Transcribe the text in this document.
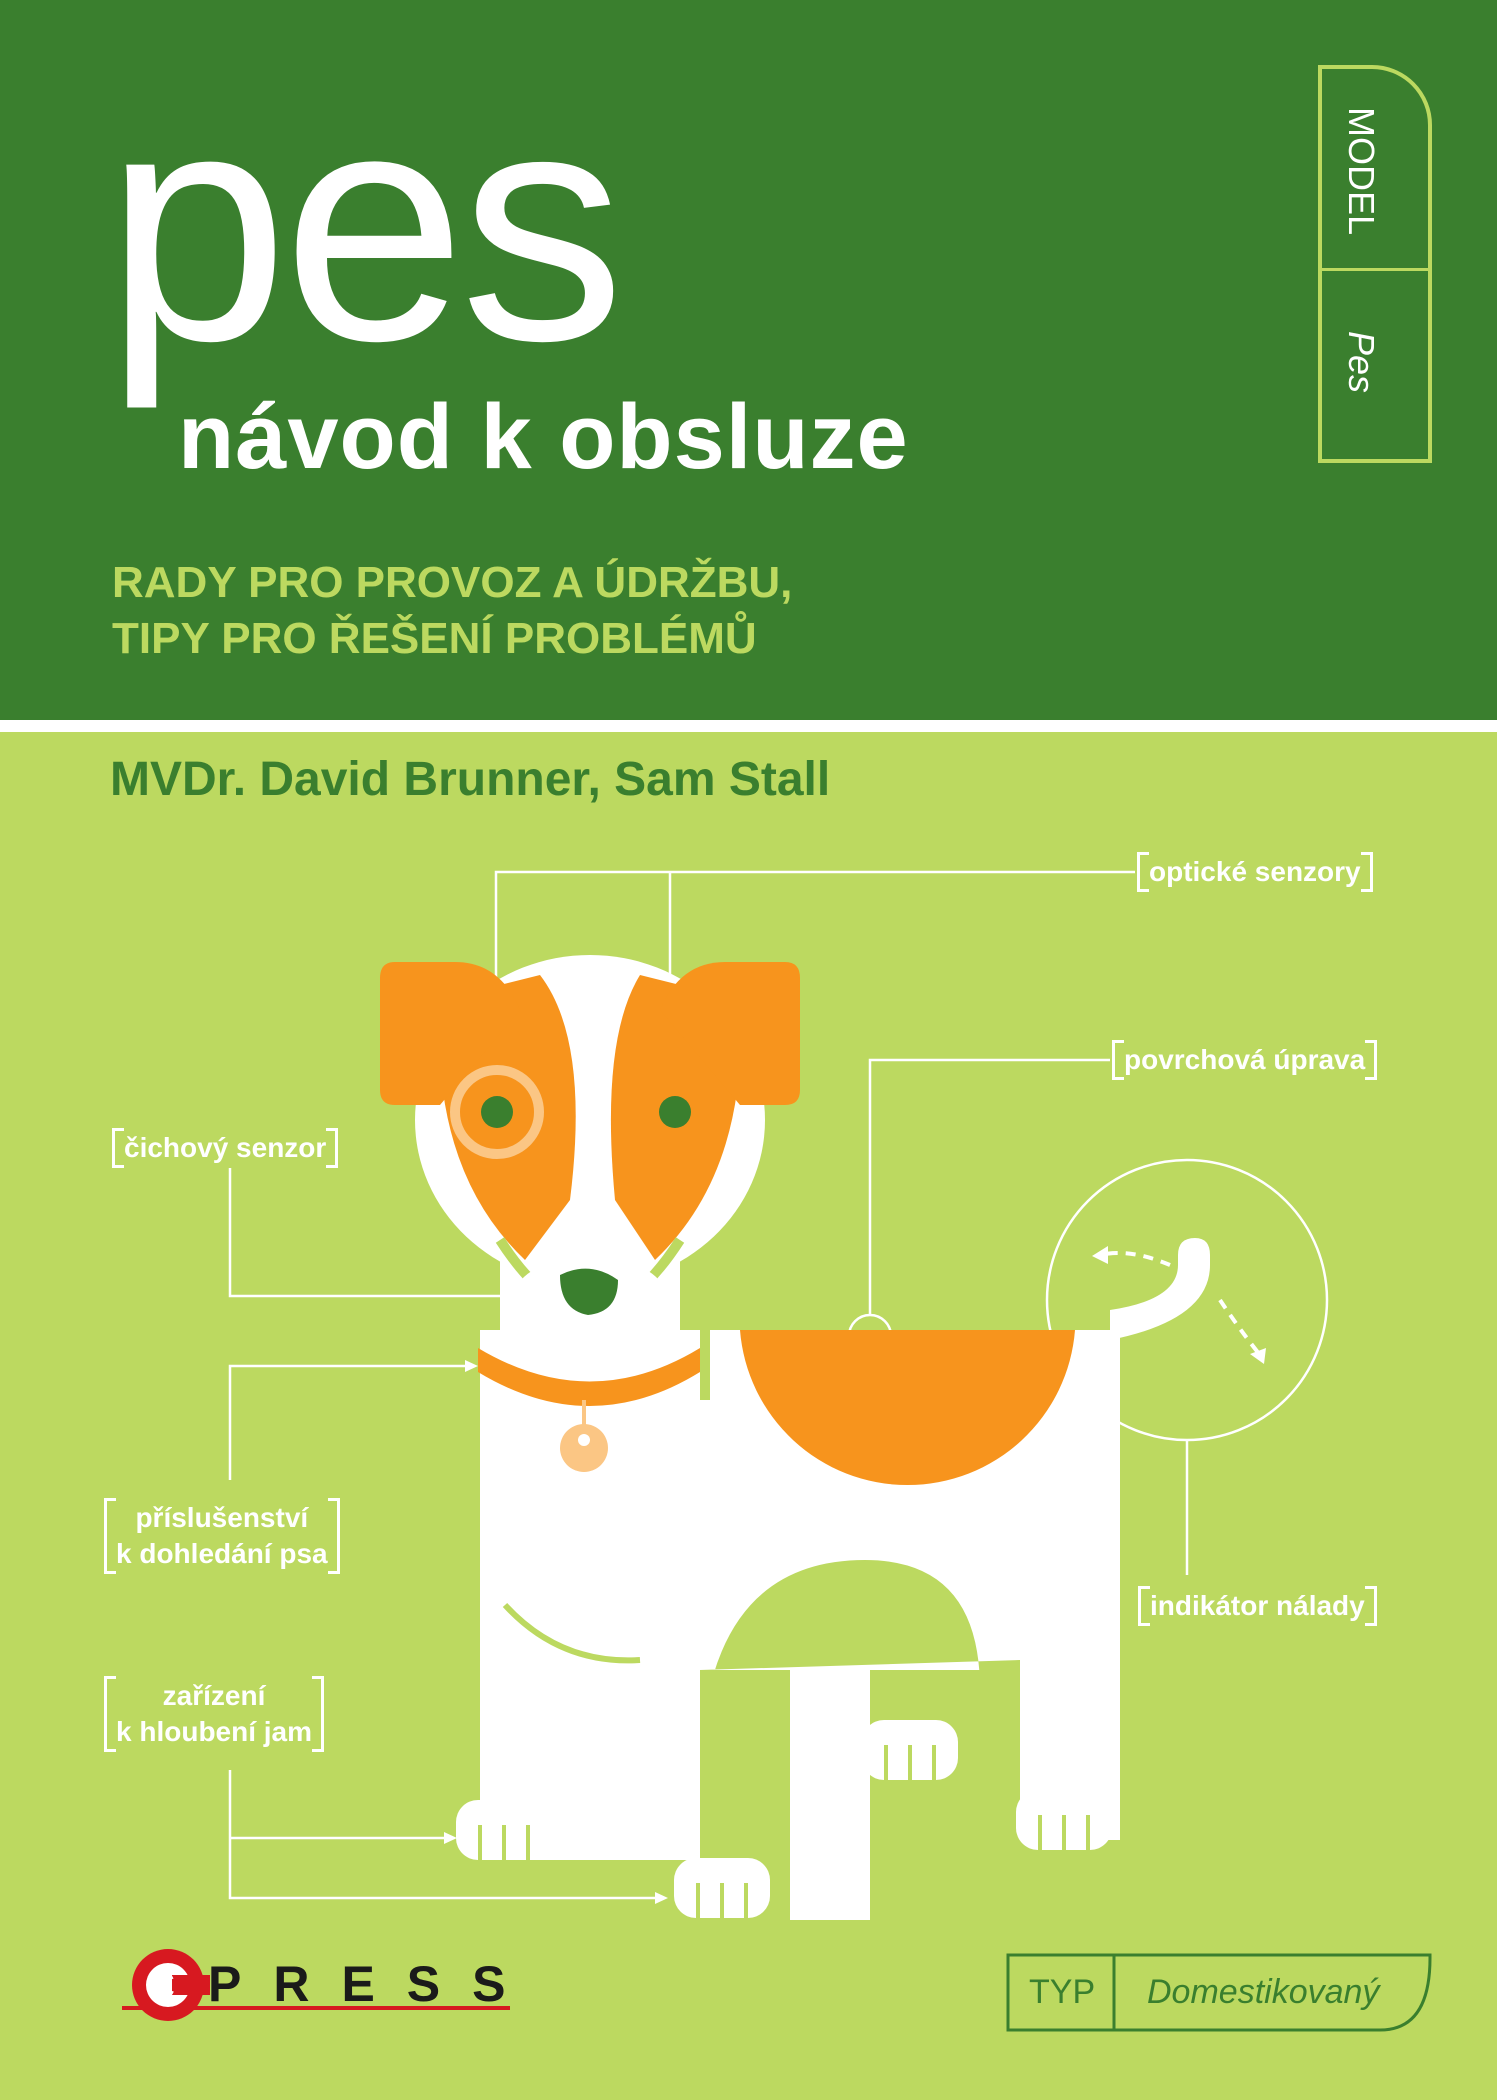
pes
návod k obsluze
RADY PRO PROVOZ A ÚDRŽBU,
TIPY PRO ŘEŠENÍ PROBLÉMŮ
MODEL
Pes
MVDr. David Brunner, Sam Stall
optické senzory
povrchová úprava
čichový senzor
příslušenství
k dohledání psa
zařízení
k hloubení jam
indikátor nálady
TYP Domestikovaný
C PRESS
